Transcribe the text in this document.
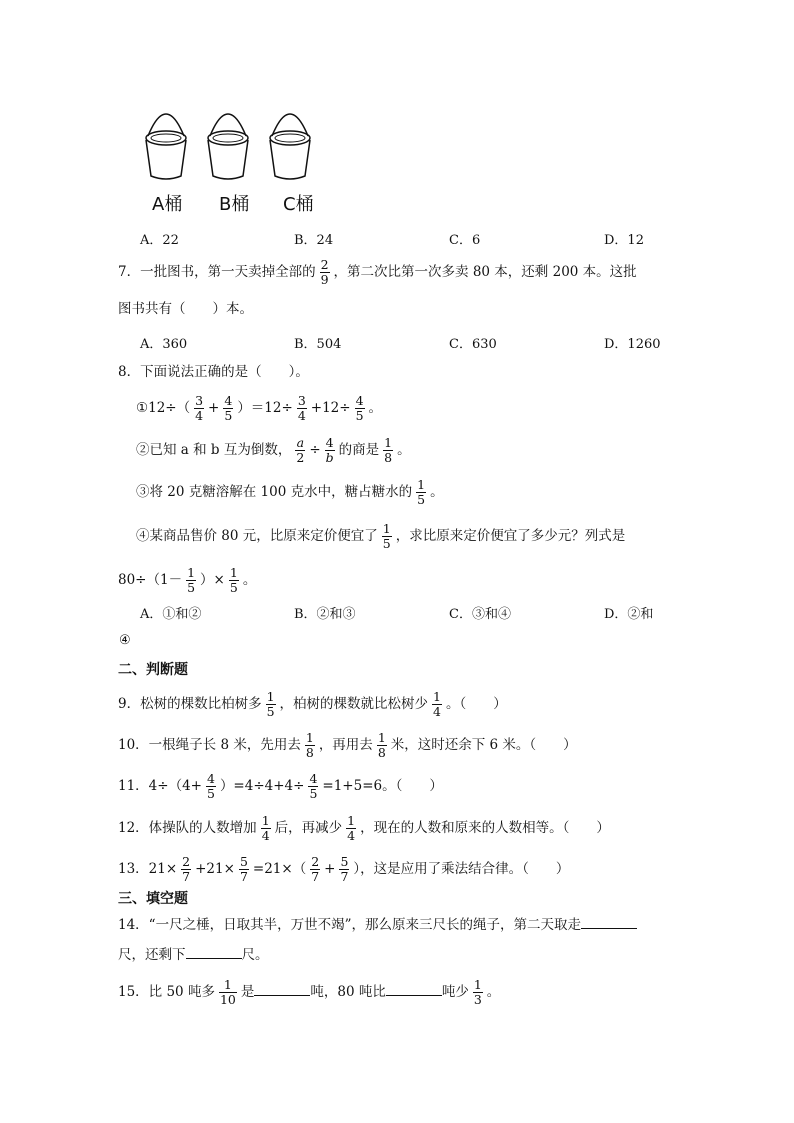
A桶 B桶 C桶
A．22	B．24	C．6	D．12
7．一批图书，第一天卖掉全部的 $\frac{2}{9}$ ，第二次比第一次多卖 80 本，还剩 200 本。这批
图书共有（　　）本。
A．360	B．504	C．630	D．1260
8．下面说法正确的是（　　）。
①12÷（ $\frac{3}{4} + \frac{4}{5} )=12\div \frac{3}{4} +12\div \frac{4}{5}$ 。
②已知 a 和 b 互为倒数， $\frac{a}{2} \div \frac{4}{b}$ 的商是 $\frac{1}{8}$ 。
③将 20 克糖溶解在 100 克水中，糖占糖水的 $\frac{1}{5}$ 。
④某商品售价 80 元，比原来定价便宜了 $\frac{1}{5}$ ，求比原来定价便宜了多少元？列式是
$80\div(1- \frac{1}{5}$ ）× $\frac{1}{5}$ 。
A．①和②	B．②和③	C．③和④	D．②和
④
二、判断题
9．松树的棵数比柏树多 $\frac{1}{5}$ ，柏树的棵数就比松树少 $\frac{1}{4}$ 。（　　）
10．一根绳子长 8 米，先用去 $\frac{1}{8}$ ，再用去 $\frac{1}{8}$ 米，这时还余下 6 米。（　　）
11．$4\div(4+ \frac{4}{5} )=4\div 4+4\div \frac{4}{5} =1+5=6$。（　　）
12．体操队的人数增加 $\frac{1}{4}$ 后，再减少 $\frac{1}{4}$ ，现在的人数和原来的人数相等。（　　）
13．$21\times \frac{2}{7} +21\times \frac{5}{7} =21\times( \frac{2}{7} + \frac{5}{7}$ ），这是应用了乘法结合律。（　　）
三、填空题
14．“一尺之棰，日取其半，万世不竭”，那么原来三尺长的绳子，第二天取走
尺，还剩下	尺。
15．比 50 吨多 $\frac{1}{10}$ 是	吨，80 吨比	吨少 $\frac{1}{3}$ 。
